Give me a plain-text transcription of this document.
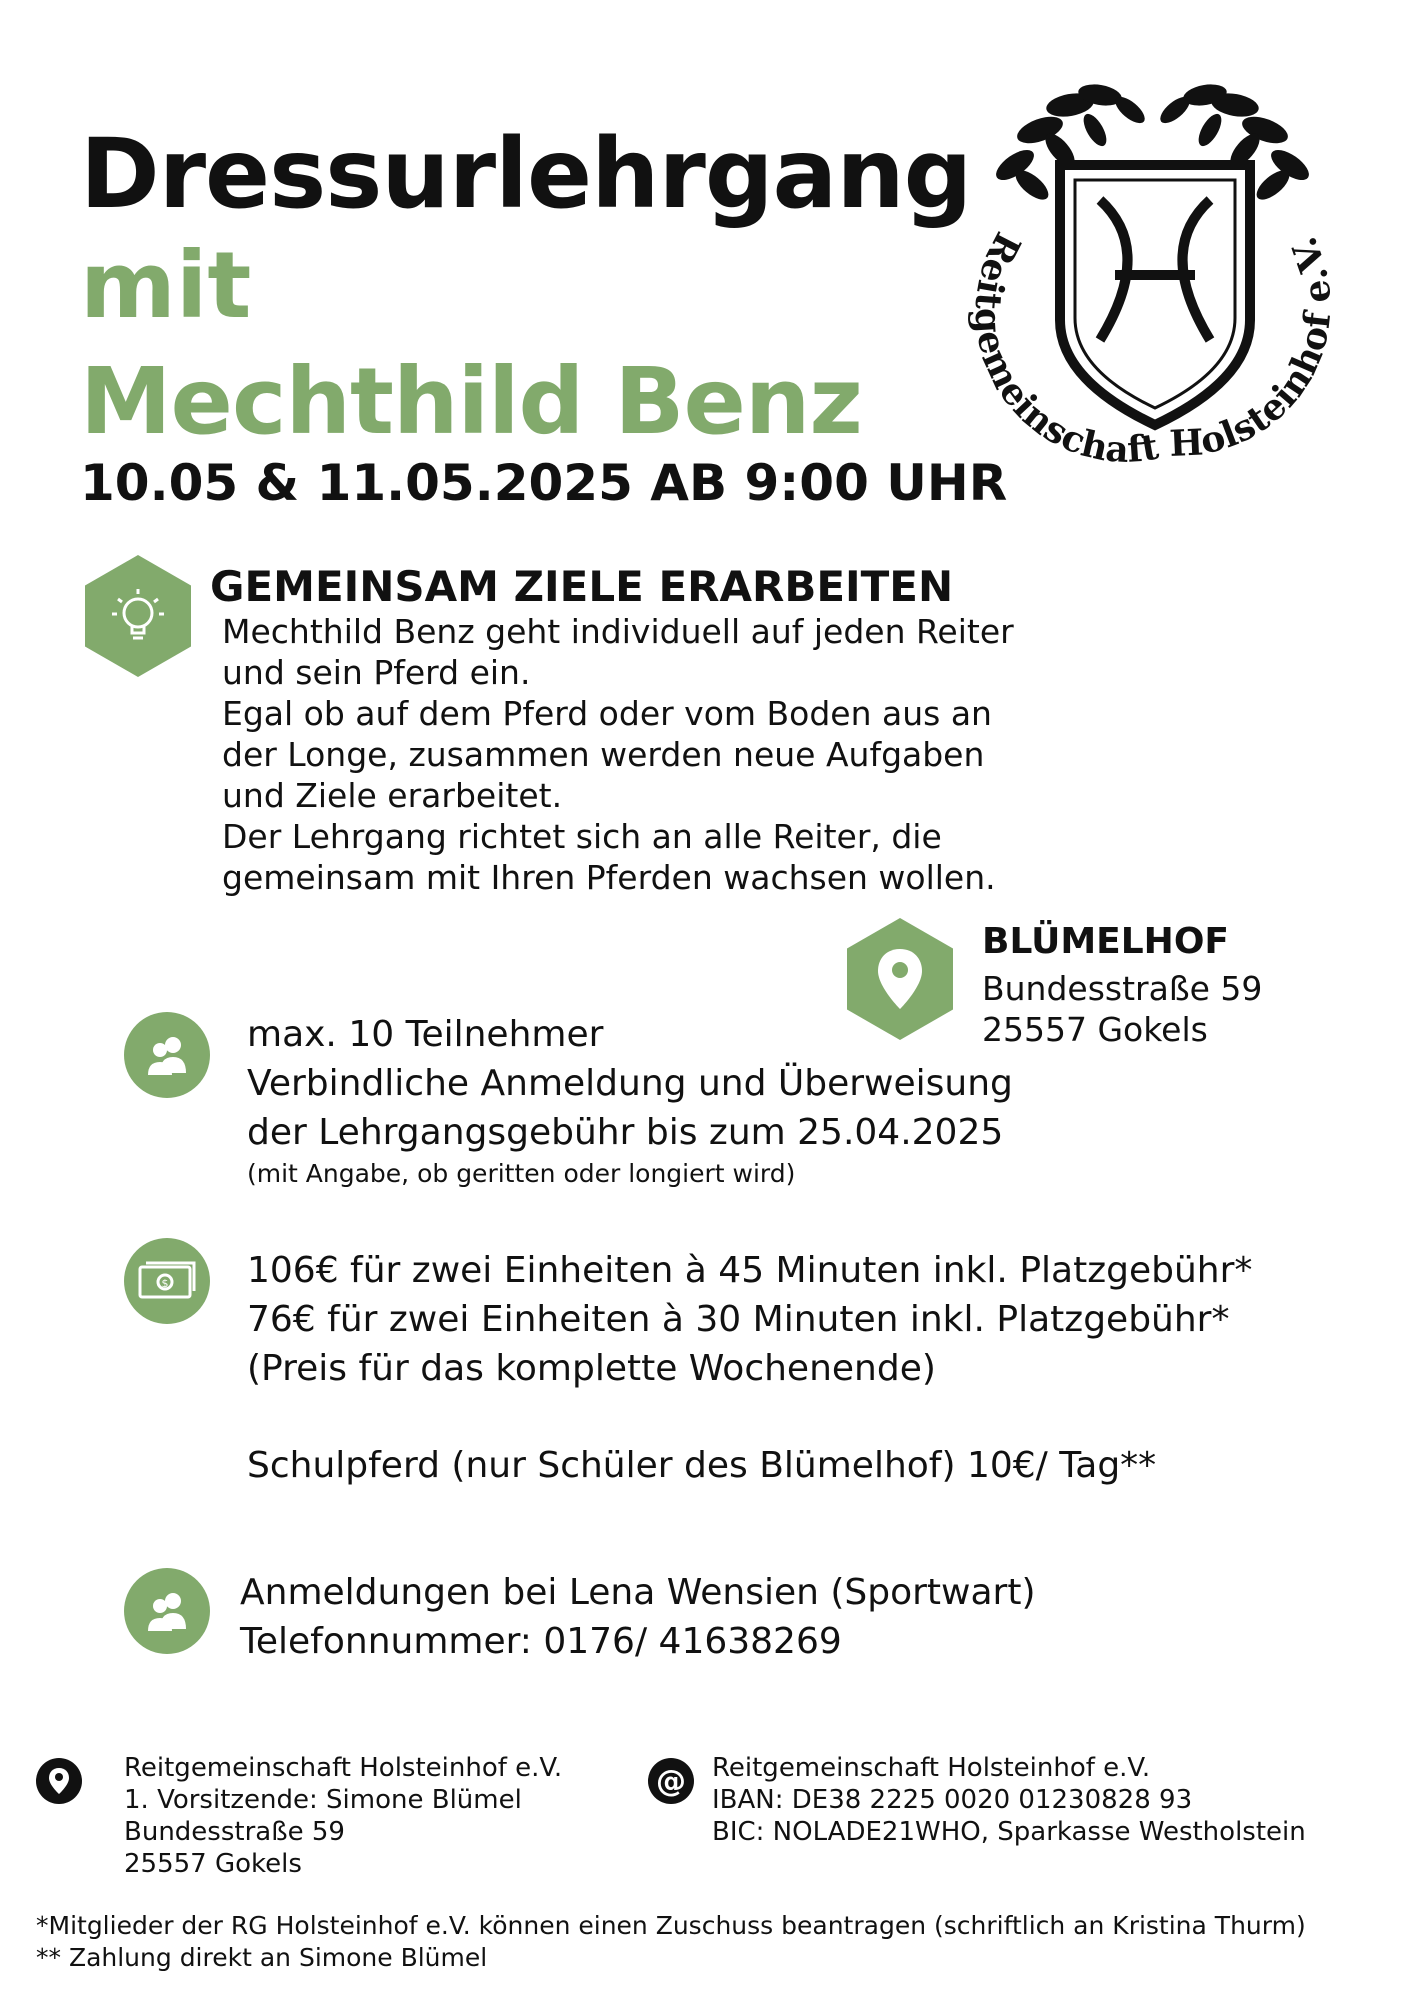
Dressurlehrgang
mit
Mechthild Benz
10.05 & 11.05.2025 AB 9:00 UHR
Reitgemeinschaft Holsteinhof e.V.
GEMEINSAM ZIELE ERARBEITEN
Mechthild Benz geht individuell auf jeden Reiter
und sein Pferd ein.
Egal ob auf dem Pferd oder vom Boden aus an
der Longe, zusammen werden neue Aufgaben
und Ziele erarbeitet.
Der Lehrgang richtet sich an alle Reiter, die
gemeinsam mit Ihren Pferden wachsen wollen.
BLÜMELHOF
Bundesstraße 59
25557 Gokels
max. 10 Teilnehmer
Verbindliche Anmeldung und Überweisung
der Lehrgangsgebühr bis zum 25.04.2025
(mit Angabe, ob geritten oder longiert wird)
$ 106€ für zwei Einheiten à 45 Minuten inkl. Platzgebühr*
76€ für zwei Einheiten à 30 Minuten inkl. Platzgebühr*
(Preis für das komplette Wochenende)
Schulpferd (nur Schüler des Blümelhof) 10€/ Tag**
Anmeldungen bei Lena Wensien (Sportwart)
Telefonnummer: 0176/ 41638269
Reitgemeinschaft Holsteinhof e.V.
1. Vorsitzende: Simone Blümel
Bundesstraße 59
25557 Gokels
@	Reitgemeinschaft Holsteinhof e.V.
IBAN: DE38 2225 0020 01230828 93
BIC: NOLADE21WHO, Sparkasse Westholstein
*Mitglieder der RG Holsteinhof e.V. können einen Zuschuss beantragen (schriftlich an Kristina Thurm)
** Zahlung direkt an Simone Blümel
